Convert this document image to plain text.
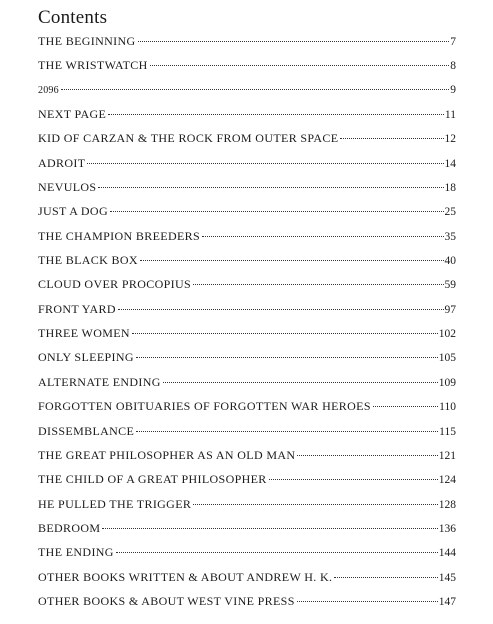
Contents
THE BEGINNING	7
THE WRISTWATCH	8
2096	9
NEXT PAGE	11
KID OF CARZAN & THE ROCK FROM OUTER SPACE	12
ADROIT	14
NEVULOS	18
JUST A DOG	25
THE CHAMPION BREEDERS	35
THE BLACK BOX	40
CLOUD OVER PROCOPIUS	59
FRONT YARD	97
THREE WOMEN	102
ONLY SLEEPING	105
ALTERNATE ENDING	109
FORGOTTEN OBITUARIES OF FORGOTTEN WAR HEROES	110
DISSEMBLANCE	115
THE GREAT PHILOSOPHER AS AN OLD MAN	121
THE CHILD OF A GREAT PHILOSOPHER	124
HE PULLED THE TRIGGER	128
BEDROOM	136
THE ENDING	144
OTHER BOOKS WRITTEN & ABOUT ANDREW H. K.	145
OTHER BOOKS & ABOUT WEST VINE PRESS	147
